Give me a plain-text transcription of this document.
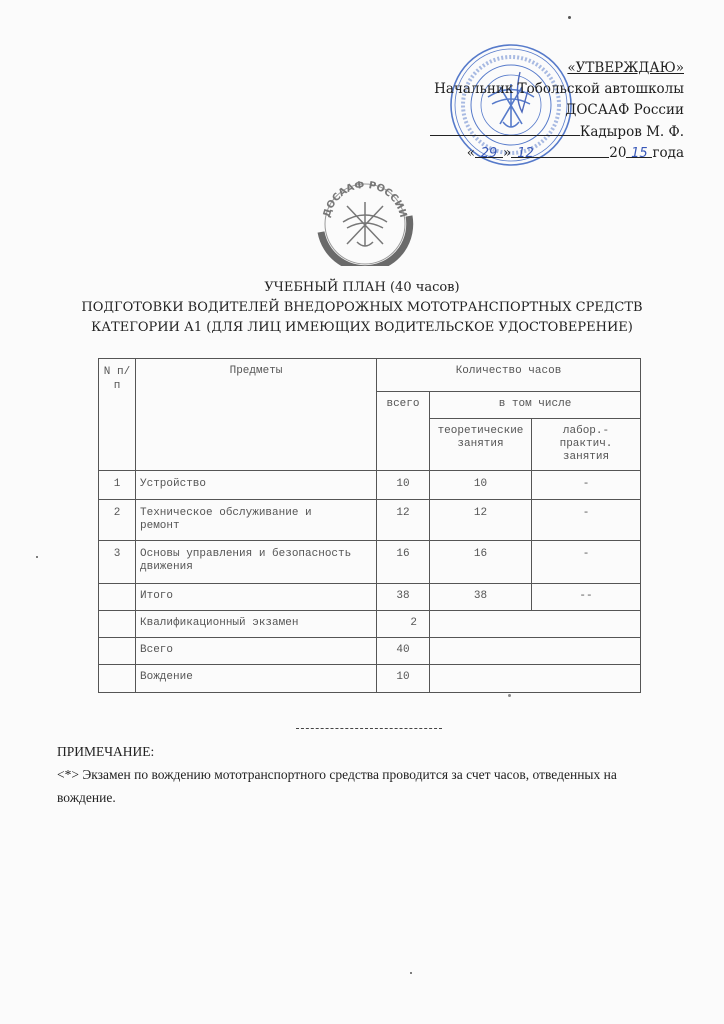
«УТВЕРЖДАЮ»
Начальник Тобольской автошколы
ДОСААФ России
Кадыров М. Ф.
« 29 » 12	20 15 года
ДОСААФ РОССИИ
УЧЕБНЫЙ ПЛАН (40 часов)
ПОДГОТОВКИ ВОДИТЕЛЕЙ ВНЕДОРОЖНЫХ МОТОТРАНСПОРТНЫХ СРЕДСТВ
КАТЕГОРИИ А1 (ДЛЯ ЛИЦ ИМЕЮЩИХ ВОДИТЕЛЬСКОЕ УДОСТОВЕРЕНИЕ)
N п/п	Предметы	Количество часов		
		всего	в том числе	

			теоретические занятия	лабор.- практич. занятия

1	Устройство	10	10	-
2	Техническое обслуживание и ремонт	12	12	-
3	Основы управления и безопасность движения	16	16	-
	Итого	38	38	--
	Квалификационный экзамен	2		
	Всего	40		
	Вождение	10		
ПРИМЕЧАНИЕ:
<*> Экзамен по вождению мототранспортного средства проводится за счет часов, отведенных на вождение.
